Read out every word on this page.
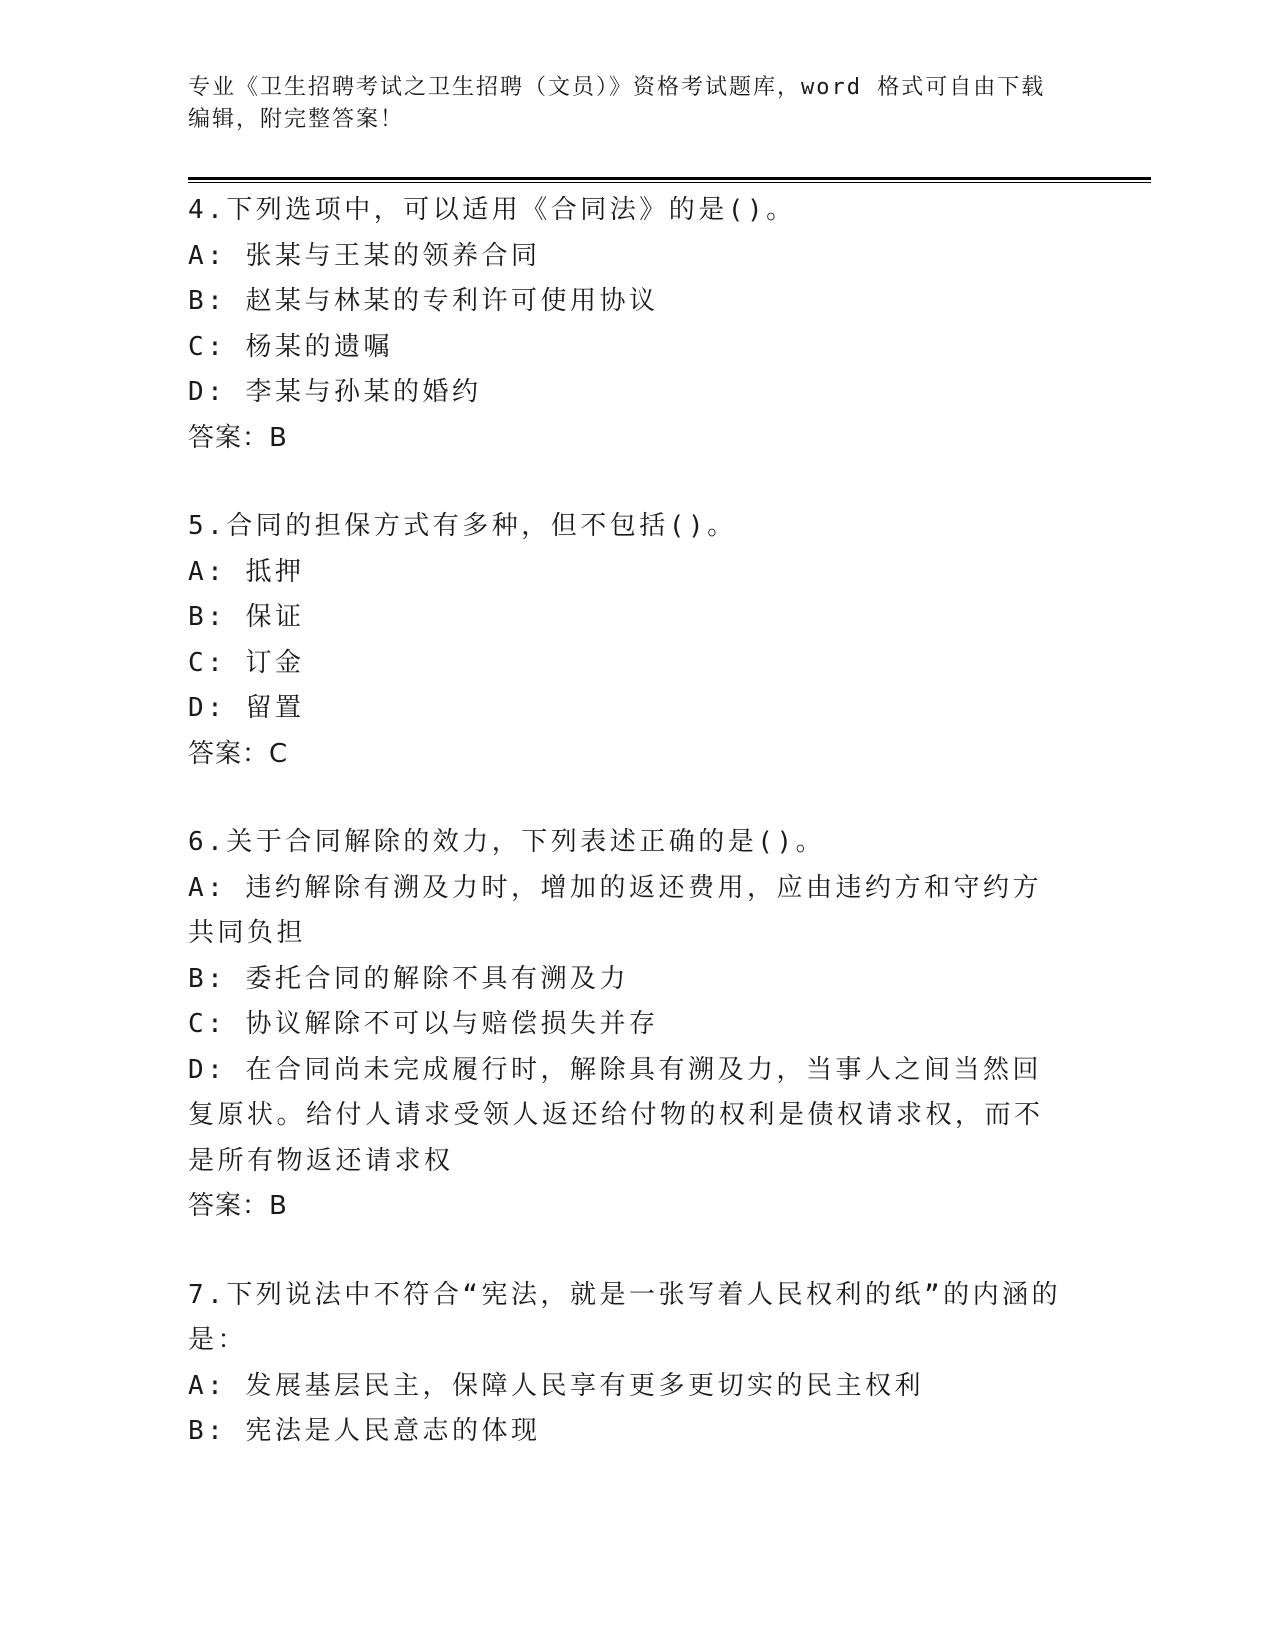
专业《卫生招聘考试之卫生招聘（文员）》资格考试题库，word 格式可自由下载
编辑，附完整答案！
4.下列选项中，可以适用《合同法》的是()。
A: 张某与王某的领养合同
B: 赵某与林某的专利许可使用协议
C: 杨某的遗嘱
D: 李某与孙某的婚约
答案：B
5.合同的担保方式有多种，但不包括()。
A: 抵押
B: 保证
C: 订金
D: 留置
答案：C
6.关于合同解除的效力，下列表述正确的是()。
A: 违约解除有溯及力时，增加的返还费用，应由违约方和守约方共同负担
B: 委托合同的解除不具有溯及力
C: 协议解除不可以与赔偿损失并存
D: 在合同尚未完成履行时，解除具有溯及力，当事人之间当然回复原状。给付人请求受领人返还给付物的权利是债权请求权，而不是所有物返还请求权
答案：B
7.下列说法中不符合“宪法，就是一张写着人民权利的纸”的内涵的是：
A: 发展基层民主，保障人民享有更多更切实的民主权利
B: 宪法是人民意志的体现
